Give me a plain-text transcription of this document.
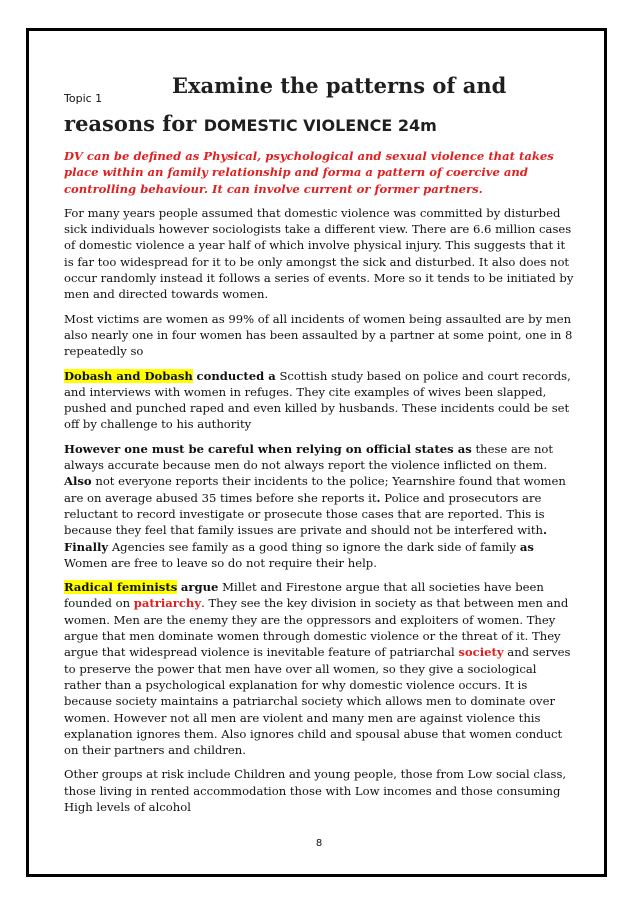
Topic 1
Examine the patterns of and
reasons for DOMESTIC VIOLENCE 24m

DV can be defined as Physical, psychological and sexual violence that takes place within an family relationship and forma a pattern of coercive and controlling behaviour. It can involve current or former partners.

For many years people assumed that domestic violence was committed by disturbed sick individuals however sociologists take a different view. There are 6.6 million cases of domestic violence a year half of which involve physical injury. This suggests that it is far too widespread for it to be only amongst the sick and disturbed. It also does not occur randomly instead it follows a series of events. More so it tends to be initiated by men and directed towards women.

Most victims are women as 99% of all incidents of women being assaulted are by men also nearly one in four women has been assaulted by a partner at some point, one in 8 repeatedly so

Dobash and Dobash conducted a Scottish study based on police and court records, and interviews with women in refuges. They cite examples of wives been slapped, pushed and punched raped and even killed by husbands. These incidents could be set off by challenge to his authority

However one must be careful when relying on official states as these are not always accurate because men do not always report the violence inflicted on them. Also not everyone reports their incidents to the police; Yearnshire found that women are on average abused 35 times before she reports it. Police and prosecutors are reluctant to record investigate or prosecute those cases that are reported. This is because they feel that family issues are private and should not be interfered with. Finally Agencies see family as a good thing so ignore the dark side of family as Women are free to leave so do not require their help.

Radical feminists argue Millet and Firestone argue that all societies have been founded on patriarchy. They see the key division in society as that between men and women. Men are the enemy they are the oppressors and exploiters of women. They argue that men dominate women through domestic violence or the threat of it. They argue that widespread violence is inevitable feature of patriarchal society and serves to preserve the power that men have over all women, so they give a sociological rather than a psychological explanation for why domestic violence occurs. It is because society maintains a patriarchal society which allows men to dominate over women. However not all men are violent and many men are against violence this explanation ignores them. Also ignores child and spousal abuse that women conduct on their partners and children.

Other groups at risk include Children and young people, those from Low social class, those living in rented accommodation those with Low incomes and those consuming High levels of alcohol

8
